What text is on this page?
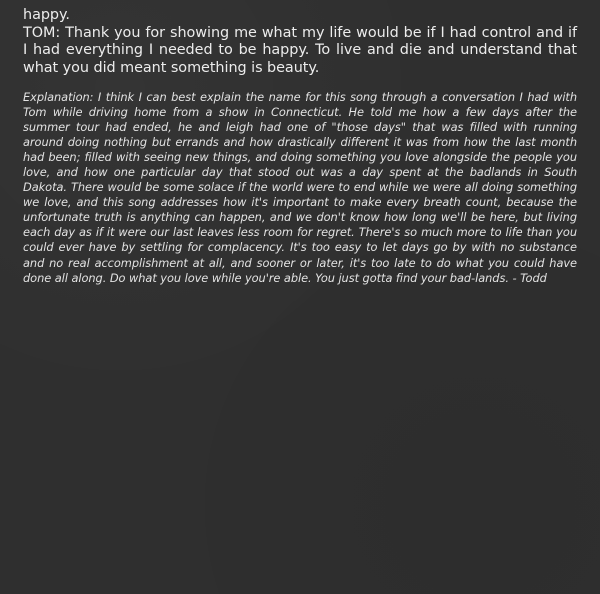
happy.

TOM: Thank you for showing me what my life would be if I had control and if I had everything I needed to be happy. To live and die and understand that what you did meant something is beauty.

Explanation: I think I can best explain the name for this song through a conversation I had with Tom while driving home from a show in Connecticut. He told me how a few days after the summer tour had ended, he and leigh had one of "those days" that was filled with running around doing nothing but errands and how drastically different it was from how the last month had been; filled with seeing new things, and doing something you love alongside the people you love, and how one particular day that stood out was a day spent at the badlands in South Dakota. There would be some solace if the world were to end while we were all doing something we love, and this song addresses how it's important to make every breath count, because the unfortunate truth is anything can happen, and we don't know how long we'll be here, but living each day as if it were our last leaves less room for regret. There's so much more to life than you could ever have by settling for complacency. It's too easy to let days go by with no substance and no real accomplishment at all, and sooner or later, it's too late to do what you could have done all along. Do what you love while you're able. You just gotta find your bad-lands. - Todd
